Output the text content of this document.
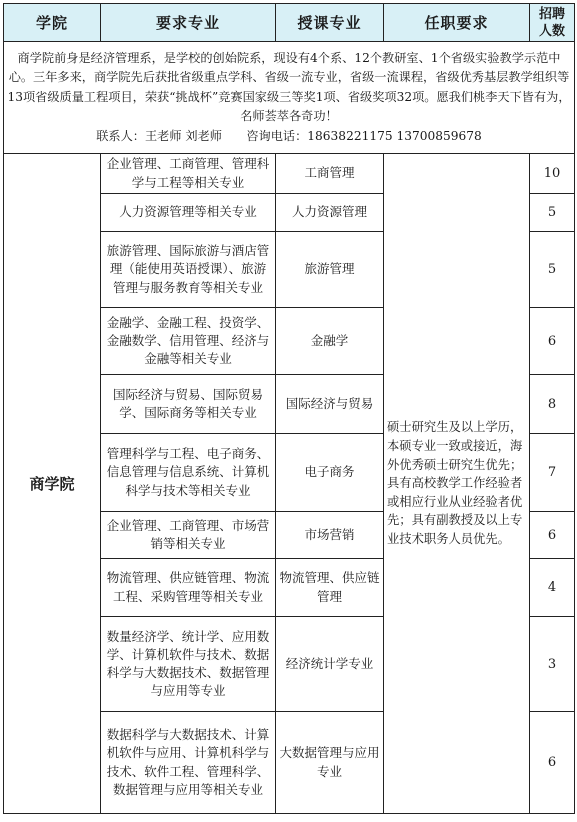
学院	要求专业	授课专业	任职要求	招聘人数
商学院前身是经济管理系，是学校的创始院系，现设有4个系、12个教研室、1个省级实验教学示范中心。三年多来，商学院先后获批省级重点学科、省级一流专业，省级一流课程，省级优秀基层教学组织等13项省级质量工程项目，荣获“挑战杯”竞赛国家级三等奖1项、省级奖项32项。愿我们桃李天下皆有为，名师荟萃各奇功！
联系人：王老师 刘老师　　咨询电话：18638221175 13700859678				

商学院	企业管理、工商管理、管理科学与工程等相关专业	工商管理	硕士研究生及以上学历，本硕专业一致或接近，海外优秀硕士研究生优先；具有高校教学工作经验者或相应行业从业经验者优先；具有副教授及以上专业技术职务人员优先。	10
	人力资源管理等相关专业	人力资源管理		5
	旅游管理、国际旅游与酒店管理（能使用英语授课）、旅游管理与服务教育等相关专业	旅游管理		5
	金融学、金融工程、投资学、金融数学、信用管理、经济与金融等相关专业	金融学		6
	国际经济与贸易、国际贸易学、国际商务等相关专业	国际经济与贸易		8
	管理科学与工程、电子商务、信息管理与信息系统、计算机科学与技术等相关专业	电子商务		7
	企业管理、工商管理、市场营销等相关专业	市场营销		6
	物流管理、供应链管理、物流工程、采购管理等相关专业	物流管理、供应链管理		4
	数量经济学、统计学、应用数学、计算机软件与技术、数据科学与大数据技术、数据管理与应用等专业	经济统计学专业		3
	数据科学与大数据技术、计算机软件与应用、计算机科学与技术、软件工程、管理科学、数据管理与应用等相关专业	大数据管理与应用专业		6
